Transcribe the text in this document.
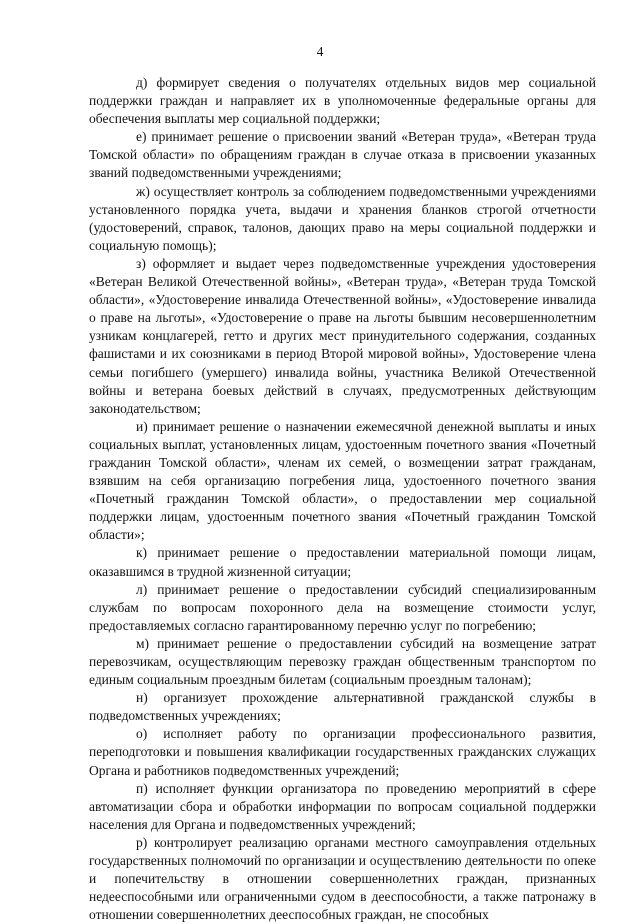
4

д) формирует сведения о получателях отдельных видов мер социальной поддержки граждан и направляет их в уполномоченные федеральные органы для обеспечения выплаты мер социальной поддержки;

е) принимает решение о присвоении званий «Ветеран труда», «Ветеран труда Томской области» по обращениям граждан в случае отказа в присвоении указанных званий подведомственными учреждениями;

ж) осуществляет контроль за соблюдением подведомственными учреждениями установленного порядка учета, выдачи и хранения бланков строгой отчетности (удостоверений, справок, талонов, дающих право на меры социальной поддержки и социальную помощь);

з) оформляет и выдает через подведомственные учреждения удостоверения «Ветеран Великой Отечественной войны», «Ветеран труда», «Ветеран труда Томской области», «Удостоверение инвалида Отечественной войны», «Удостоверение инвалида о праве на льготы», «Удостоверение о праве на льготы бывшим несовершеннолетним узникам концлагерей, гетто и других мест принудительного содержания, созданных фашистами и их союзниками в период Второй мировой войны», Удостоверение члена семьи погибшего (умершего) инвалида войны, участника Великой Отечественной войны и ветерана боевых действий в случаях, предусмотренных действующим законодательством;

и) принимает решение о назначении ежемесячной денежной выплаты и иных социальных выплат, установленных лицам, удостоенным почетного звания «Почетный гражданин Томской области», членам их семей, о возмещении затрат гражданам, взявшим на себя организацию погребения лица, удостоенного почетного звания «Почетный гражданин Томской области», о предоставлении мер социальной поддержки лицам, удостоенным почетного звания «Почетный гражданин Томской области»;

к) принимает решение о предоставлении материальной помощи лицам, оказавшимся в трудной жизненной ситуации;

л) принимает решение о предоставлении субсидий специализированным службам по вопросам похоронного дела на возмещение стоимости услуг, предоставляемых согласно гарантированному перечню услуг по погребению;

м) принимает решение о предоставлении субсидий на возмещение затрат перевозчикам, осуществляющим перевозку граждан общественным транспортом по единым социальным проездным билетам (социальным проездным талонам);

н) организует прохождение альтернативной гражданской службы в подведомственных учреждениях;

о) исполняет работу по организации профессионального развития, переподготовки и повышения квалификации государственных гражданских служащих Органа и работников подведомственных учреждений;

п) исполняет функции организатора по проведению мероприятий в сфере автоматизации сбора и обработки информации по вопросам социальной поддержки населения для Органа и подведомственных учреждений;

р) контролирует реализацию органами местного самоуправления отдельных государственных полномочий по организации и осуществлению деятельности по опеке и попечительству в отношении совершеннолетних граждан, признанных недееспособными или ограниченными судом в дееспособности, а также патронажу в отношении совершеннолетних дееспособных граждан, не способных
